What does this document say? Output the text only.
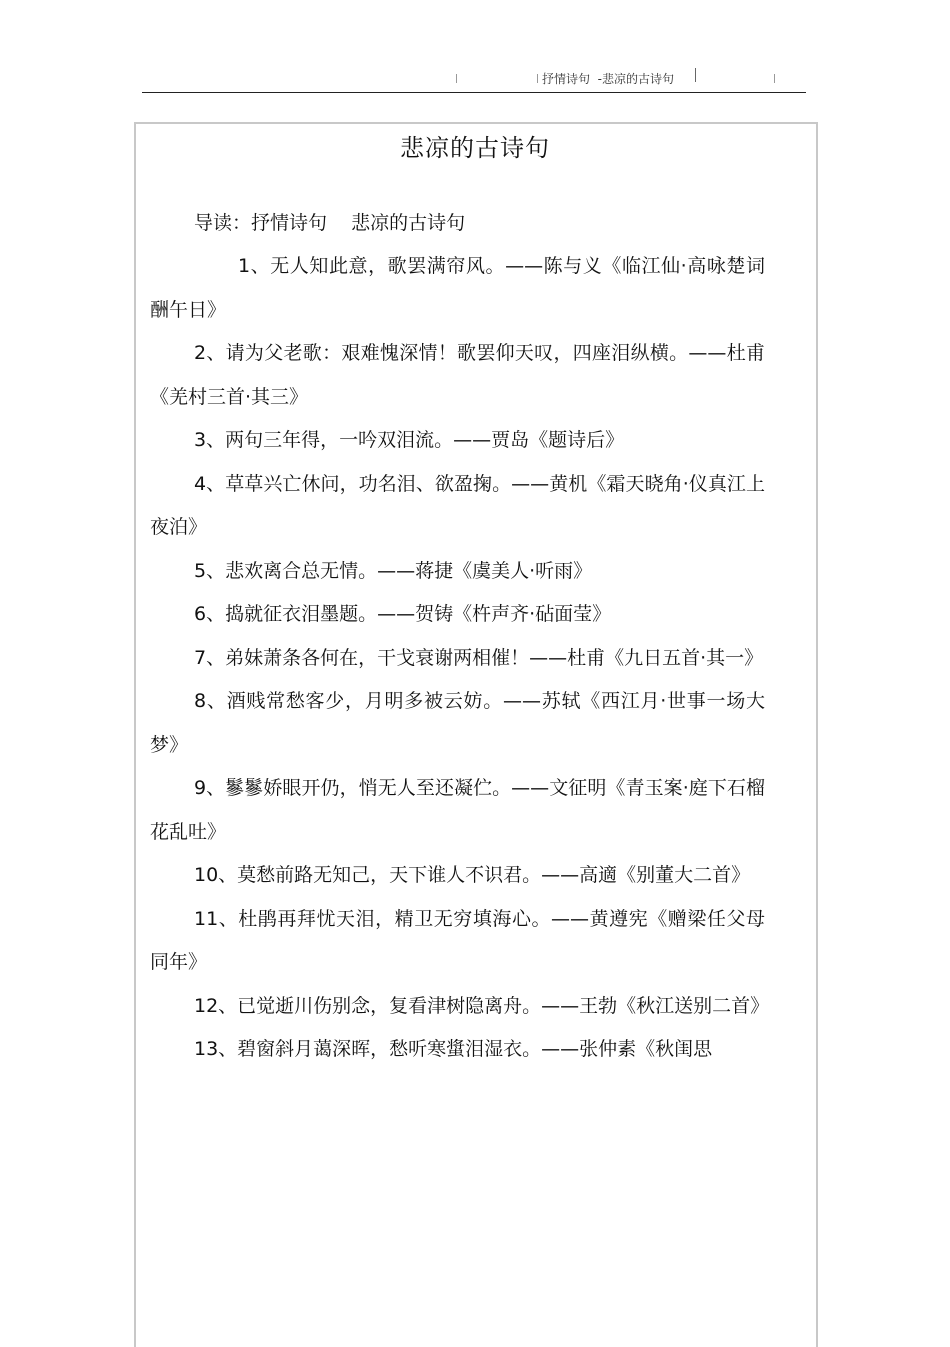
抒情诗句  -悲凉的古诗句
悲凉的古诗句
导读：抒情诗句    悲凉的古诗句

1、无人知此意，歌罢满帘风。——陈与义《临江仙·高咏楚词酬午日》

2、请为父老歌：艰难愧深情！歌罢仰天叹，四座泪纵横。——杜甫《羌村三首·其三》

3、两句三年得，一吟双泪流。——贾岛《题诗后》

4、草草兴亡休问，功名泪、欲盈掬。——黄机《霜天晓角·仪真江上夜泊》

5、悲欢离合总无情。——蒋捷《虞美人·听雨》

6、捣就征衣泪墨题。——贺铸《杵声齐·砧面莹》

7、弟妹萧条各何在，干戈衰谢两相催！——杜甫《九日五首·其一》

8、酒贱常愁客少，月明多被云妨。——苏轼《西江月·世事一场大梦》

9、鬖鬖娇眼开仍，悄无人至还凝伫。——文征明《青玉案·庭下石榴花乱吐》

10、莫愁前路无知己，天下谁人不识君。——高適《别董大二首》

11、杜鹃再拜忧天泪，精卫无穷填海心。——黄遵宪《赠梁任父母同年》

12、已觉逝川伤别念，复看津树隐离舟。——王勃《秋江送别二首》

13、碧窗斜月蔼深晖，愁听寒螀泪湿衣。——张仲素《秋闺思
